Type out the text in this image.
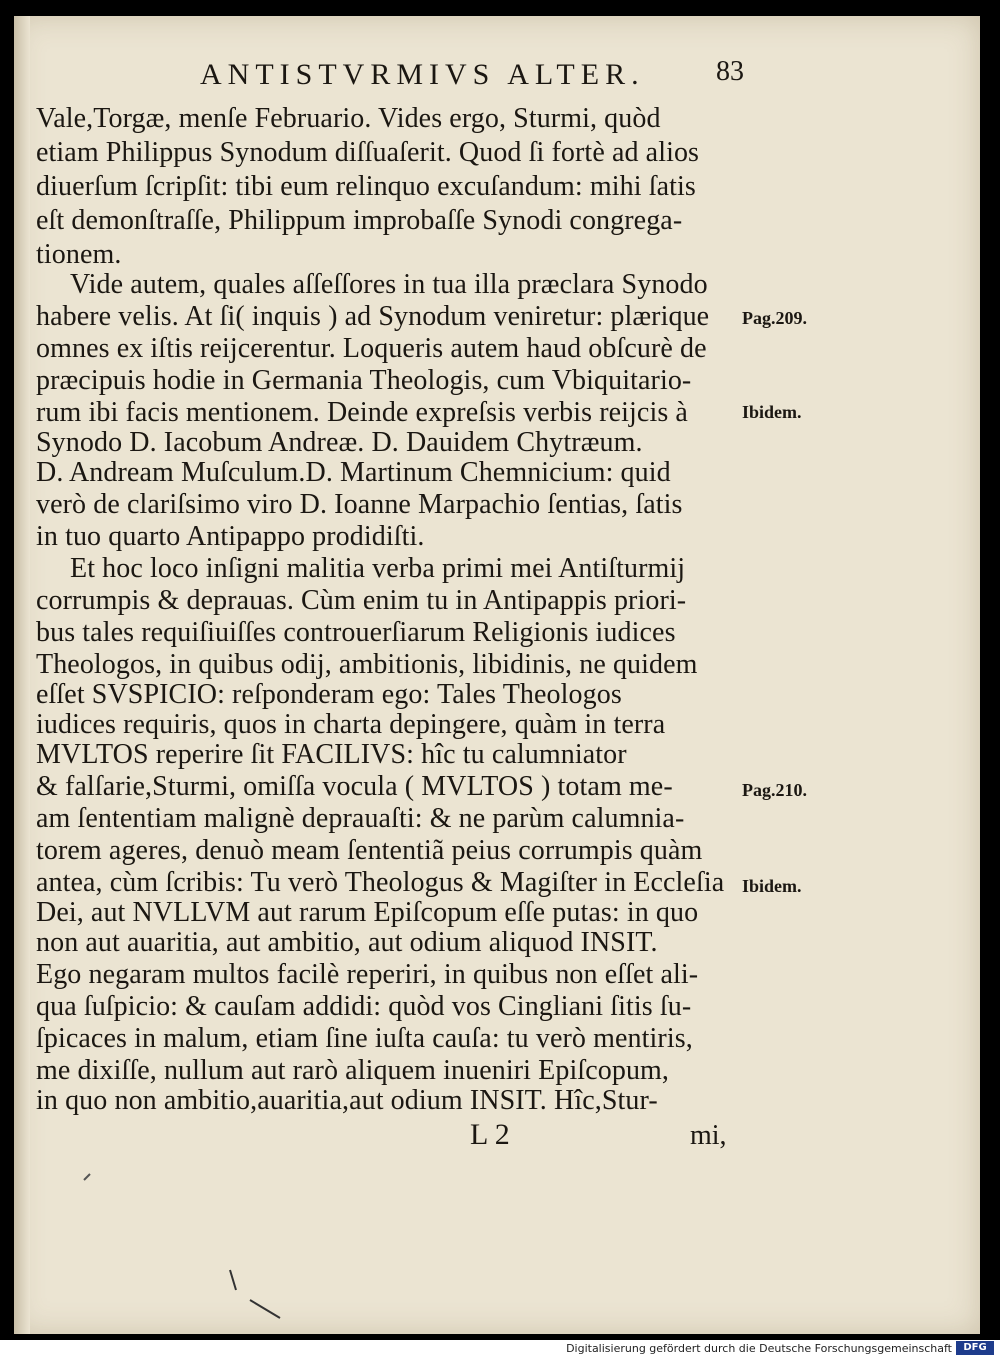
ANTISTVRMIVS ALTER.	83
Vale,Torgæ, menſe Februario. Vides ergo, Sturmi, quòd
etiam Philippus Synodum diſſuaſerit. Quod ſi fortè ad alios
diuerſum ſcripſit: tibi eum relinquo excuſandum: mihi ſatis
eſt demonſtraſſe, Philippum improbaſſe Synodi congrega-
tionem.
Vide autem, quales aſſeſſores in tua illa præclara Synodo
habere velis. At ſi( inquis ) ad Synodum veniretur: plærique
omnes ex iſtis reijcerentur. Loqueris autem haud obſcurè de
præcipuis hodie in Germania Theologis, cum Vbiquitario-
rum ibi facis mentionem. Deinde expreſsis verbis reijcis à
Synodo D. Iacobum Andreæ. D. Dauidem Chytræum.
D. Andream Muſculum.D. Martinum Chemnicium: quid
verò de clariſsimo viro D. Ioanne Marpachio ſentias, ſatis
in tuo quarto Antipappo prodidiſti.
Et hoc loco inſigni malitia verba primi mei Antiſturmij
corrumpis & deprauas. Cùm enim tu in Antipappis priori-
bus tales requiſiuiſſes controuerſiarum Religionis iudices
Theologos, in quibus odij, ambitionis, libidinis, ne quidem
eſſet SVSPICIO: reſponderam ego: Tales Theologos
iudices requiris, quos in charta depingere, quàm in terra
MVLTOS reperire ſit FACILIVS: hîc tu calumniator
& falſarie,Sturmi, omiſſa vocula ( MVLTOS ) totam me-
am ſententiam malignè deprauaſti: & ne parùm calumnia-
torem ageres, denuò meam ſententiã peius corrumpis quàm
antea, cùm ſcribis: Tu verò Theologus & Magiſter in Eccleſia
Dei, aut NVLLVM aut rarum Epiſcopum eſſe putas: in quo
non aut auaritia, aut ambitio, aut odium aliquod INSIT.
Ego negaram multos facilè reperiri, in quibus non eſſet ali-
qua ſuſpicio: & cauſam addidi: quòd vos Cingliani ſitis ſu-
ſpicaces in malum, etiam ſine iuſta cauſa: tu verò mentiris,
me dixiſſe, nullum aut rarò aliquem inueniri Epiſcopum,
in quo non ambitio,auaritia,aut odium INSIT. Hîc,Stur-
Pag.209.
Ibidem.
Pag.210.
Ibidem.
L 2	mi,
Digitalisierung gefördert durch die Deutsche Forschungsgemeinschaft	DFG
